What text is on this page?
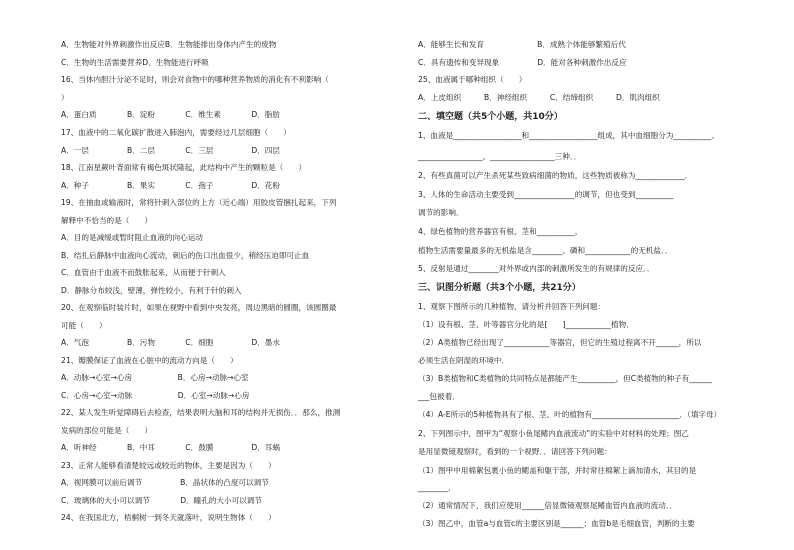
A．生物能对外界刺激作出反应B．生物能排出身体内产生的废物
C．生物的生活需要营养D．生物能进行呼吸
16、当体内胆汁分泌不足时，则会对食物中的哪种营养物质的消化有不利影响（
）
A．蛋白质　　　　B．淀粉　　　　C．维生素　　　　D．脂肪
17、血液中的二氧化碳扩散进入肺泡内，需要经过几层细胞（　　）
A．一层　　　　　B．二层　　　　C．三层　　　　　D．四层
18、江南星蕨叶背面常有褐色斑状隆起，此结构中产生的颗粒是（　　）
A．种子　　　　　B．果实　　　　C．孢子　　　　　D．花粉
19、在抽血或输液时，常将针刺入部位的上方（近心端）用胶皮管捆扎起来，下列
解释中不恰当的是（　　）
A．目的是减缓或暂时阻止血液的向心运动
B．结扎后静脉中血液向心流动，刺后的伤口出血很少，稍经压迫即可止血
C．血管由于血液不而鼓胀起来，从而便于针刺入
D．静脉分布较浅，壁薄，弹性较小，有利于针的刺入
20、在观察临时装片时，如果在视野中看到中央发亮，周边黑暗的圆圈，该圆圈最
可能（　　）
A．气泡　　　　　B．污物　　　　C．细胞　　　　　D．墨水
21、瓣膜保证了血液在心脏中的流动方向是（　　）
A．动脉→心室→心房　　　　　　B．心房→动脉→心室
C．心房→心室→动脉　　　　　　D．心室→动脉→心房
22、某人发生听觉障碍后去检查，结果表明大脑和耳的结构并无损伤．．那么，推测
发病的部位可能是（　　）
A．听神经　　　　B．中耳　　　　C．鼓膜　　　　　D．耳蜗
23、正常人能够看清楚较远或较近的物体，主要是因为（　　）
A．视网膜可以前后调节　　　　　B．晶状体的凸度可以调节
C．玻璃体的大小可以调节　　　　D．瞳孔的大小可以调节
24、在我国北方，梧桐树一到冬天就落叶，说明生物体（　　）
A．能够生长和发育　　　　　　　B．成熟个体能够繁殖后代
C．具有遗传和变异现象　　　　　D．能对各种刺激作出反应
25、血液属于哪种组织（　　）
A．上皮组织　　　B．神经组织　　　C．结缔组织　　　D．肌肉组织
二、填空题（共5个小题，共10分）
1、血液是__________________和__________________组成，其中血细胞分为__________、
_________________、_________________三种．．
2、有些真菌可以产生杀死某些致病细菌的物质，这些物质被称为_____________．
3、人体的生命活动主要受到________________的调节，但也受到__________
调节的影响．
4、绿色植物的营养器官有根、茎和__________，
植物生活需要量最多的无机盐是含________、磷和____________的无机盐．．
5、反射是通过________对外界或内部的刺激所发生的有规律的反应．．
三、识图分析题（共3个小题，共21分）
1、观察下图所示的几种植物，请分析并回答下列问题：
（1）设有根、茎、叶等器官分化的是[　　]____________植物．
（2）A类植物已经出现了____________等器官，但它的生殖过程离不开______，所以
必须生活在阴湿的环境中．
（3）B类植物和C类植物的共同特点是都能产生__________，但C类植物的种子有______
___包被着．
（4）A-E所示的5种植物具有了根、茎、叶的植物有_______________________．（填字母）
2、下列图示中，图甲为“观察小鱼尾鳍内血液流动”的实验中对材料的处理；图乙
是用显微镜观察时，看到的一个视野．．请回答下列问题：
（1）图甲中用棉絮包裹小鱼的鳃盖和躯干部，并时常往棉絮上滴加清水，其目的是
________．
（2）通常情况下，我们应使用______倍显微镜观察尾鳍血管内血液的流动．．
（3）图乙中，血管a与血管c的主要区别是______；血管b是毛细血管，判断的主要
